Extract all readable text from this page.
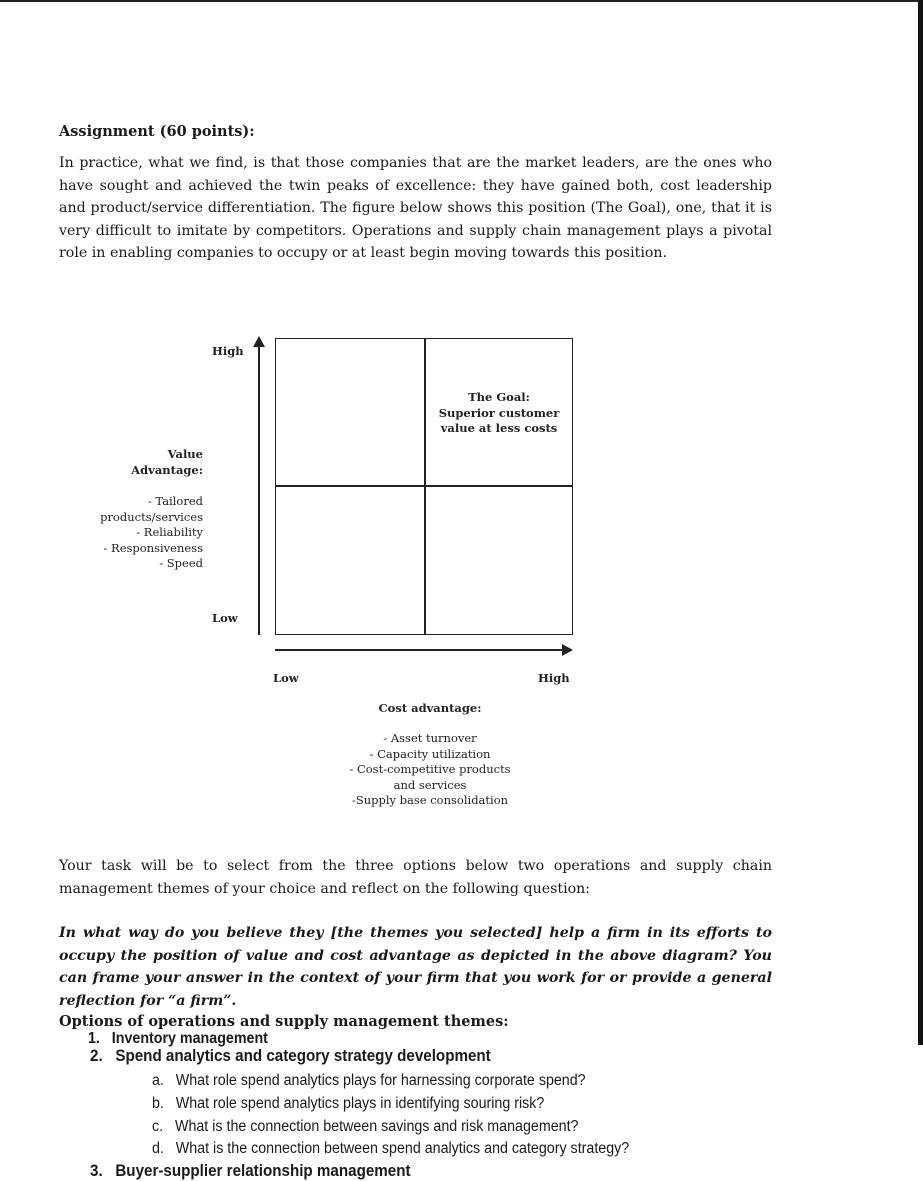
Assignment (60 points):
In practice, what we find, is that those companies that are the market leaders, are the ones who have sought and achieved the twin peaks of excellence: they have gained both, cost leadership and product/service differentiation. The figure below shows this position (The Goal), one, that it is very difficult to imitate by competitors. Operations and supply chain management plays a pivotal role in enabling companies to occupy or at least begin moving towards this position.
High
Low
The Goal:
Superior customer
value at less costs
Value
Advantage:
- Tailored
products/services
- Reliability
- Responsiveness
- Speed
Low	High
Cost advantage:
- Asset turnover
- Capacity utilization
- Cost-competitive products
and services
-Supply base consolidation
Your task will be to select from the three options below two operations and supply chain management themes of your choice and reflect on the following question:
In what way do you believe they [the themes you selected] help a firm in its efforts to occupy the position of value and cost advantage as depicted in the above diagram? You can frame your answer in the context of your firm that you work for or provide a general reflection for “a firm”.
Options of operations and supply management themes:
1. Inventory management
2. Spend analytics and category strategy development
a. What role spend analytics plays for harnessing corporate spend?
b. What role spend analytics plays in identifying souring risk?
c. What is the connection between savings and risk management?
d. What is the connection between spend analytics and category strategy?
3. Buyer-supplier relationship management
